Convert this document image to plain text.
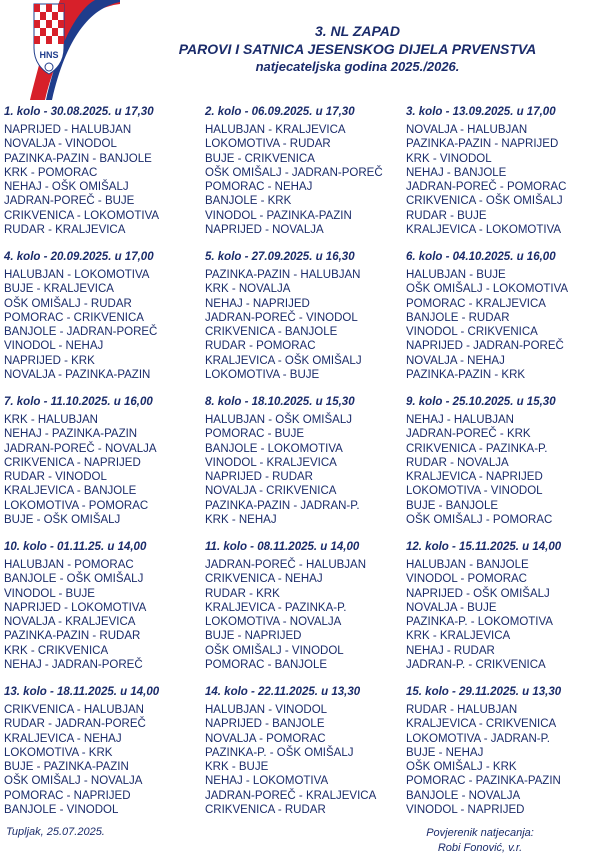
HNS
3. NL ZAPAD
PAROVI I SATNICA JESENSKOG DIJELA PRVENSTVA
natjecateljska godina 2025./2026.
1. kolo - 30.08.2025. u 17,30
NAPRIJED - HALUBJAN
NOVALJA - VINODOL
PAZINKA-PAZIN - BANJOLE
KRK - POMORAC
NEHAJ - OŠK OMIŠALJ
JADRAN-POREČ - BUJE
CRIKVENICA - LOKOMOTIVA
RUDAR - KRALJEVICA
2. kolo - 06.09.2025. u 17,30
HALUBJAN - KRALJEVICA
LOKOMOTIVA - RUDAR
BUJE - CRIKVENICA
OŠK OMIŠALJ - JADRAN-POREČ
POMORAC - NEHAJ
BANJOLE - KRK
VINODOL - PAZINKA-PAZIN
NAPRIJED - NOVALJA
3. kolo - 13.09.2025. u 17,00
NOVALJA - HALUBJAN
PAZINKA-PAZIN - NAPRIJED
KRK - VINODOL
NEHAJ - BANJOLE
JADRAN-POREČ - POMORAC
CRIKVENICA - OŠK OMIŠALJ
RUDAR - BUJE
KRALJEVICA - LOKOMOTIVA
4. kolo - 20.09.2025. u 17,00
HALUBJAN - LOKOMOTIVA
BUJE - KRALJEVICA
OŠK OMIŠALJ - RUDAR
POMORAC - CRIKVENICA
BANJOLE - JADRAN-POREČ
VINODOL - NEHAJ
NAPRIJED - KRK
NOVALJA - PAZINKA-PAZIN
5. kolo - 27.09.2025. u 16,30
PAZINKA-PAZIN - HALUBJAN
KRK - NOVALJA
NEHAJ - NAPRIJED
JADRAN-POREČ - VINODOL
CRIKVENICA - BANJOLE
RUDAR - POMORAC
KRALJEVICA - OŠK OMIŠALJ
LOKOMOTIVA - BUJE
6. kolo - 04.10.2025. u 16,00
HALUBJAN - BUJE
OŠK OMIŠALJ - LOKOMOTIVA
POMORAC - KRALJEVICA
BANJOLE - RUDAR
VINODOL - CRIKVENICA
NAPRIJED - JADRAN-POREČ
NOVALJA - NEHAJ
PAZINKA-PAZIN - KRK
7. kolo - 11.10.2025. u 16,00
KRK - HALUBJAN
NEHAJ - PAZINKA-PAZIN
JADRAN-POREČ - NOVALJA
CRIKVENICA - NAPRIJED
RUDAR - VINODOL
KRALJEVICA - BANJOLE
LOKOMOTIVA - POMORAC
BUJE - OŠK OMIŠALJ
8. kolo - 18.10.2025. u 15,30
HALUBJAN - OŠK OMIŠALJ
POMORAC - BUJE
BANJOLE - LOKOMOTIVA
VINODOL - KRALJEVICA
NAPRIJED - RUDAR
NOVALJA - CRIKVENICA
PAZINKA-PAZIN - JADRAN-P.
KRK - NEHAJ
9. kolo - 25.10.2025. u 15,30
NEHAJ - HALUBJAN
JADRAN-POREČ - KRK
CRIKVENICA - PAZINKA-P.
RUDAR - NOVALJA
KRALJEVICA - NAPRIJED
LOKOMOTIVA - VINODOL
BUJE - BANJOLE
OŠK OMIŠALJ - POMORAC
10. kolo - 01.11.25. u 14,00
HALUBJAN - POMORAC
BANJOLE - OŠK OMIŠALJ
VINODOL - BUJE
NAPRIJED - LOKOMOTIVA
NOVALJA - KRALJEVICA
PAZINKA-PAZIN - RUDAR
KRK - CRIKVENICA
NEHAJ - JADRAN-POREČ
11. kolo - 08.11.2025. u 14,00
JADRAN-POREČ - HALUBJAN
CRIKVENICA - NEHAJ
RUDAR - KRK
KRALJEVICA - PAZINKA-P.
LOKOMOTIVA - NOVALJA
BUJE - NAPRIJED
OŠK OMIŠALJ - VINODOL
POMORAC - BANJOLE
12. kolo - 15.11.2025. u 14,00
HALUBJAN - BANJOLE
VINODOL - POMORAC
NAPRIJED - OŠK OMIŠALJ
NOVALJA - BUJE
PAZINKA-P. - LOKOMOTIVA
KRK - KRALJEVICA
NEHAJ - RUDAR
JADRAN-P. - CRIKVENICA
13. kolo - 18.11.2025. u 14,00
CRIKVENICA - HALUBJAN
RUDAR - JADRAN-POREČ
KRALJEVICA - NEHAJ
LOKOMOTIVA - KRK
BUJE - PAZINKA-PAZIN
OŠK OMIŠALJ - NOVALJA
POMORAC - NAPRIJED
BANJOLE - VINODOL
14. kolo - 22.11.2025. u 13,30
HALUBJAN - VINODOL
NAPRIJED - BANJOLE
NOVALJA - POMORAC
PAZINKA-P. - OŠK OMIŠALJ
KRK - BUJE
NEHAJ - LOKOMOTIVA
JADRAN-POREČ - KRALJEVICA
CRIKVENICA - RUDAR
15. kolo - 29.11.2025. u 13,30
RUDAR - HALUBJAN
KRALJEVICA - CRIKVENICA
LOKOMOTIVA - JADRAN-P.
BUJE - NEHAJ
OŠK OMIŠALJ - KRK
POMORAC - PAZINKA-PAZIN
BANJOLE - NOVALJA
VINODOL - NAPRIJED
Tupljak, 25.07.2025.	Povjerenik natjecanja:
Robi Fonović, v.r.
